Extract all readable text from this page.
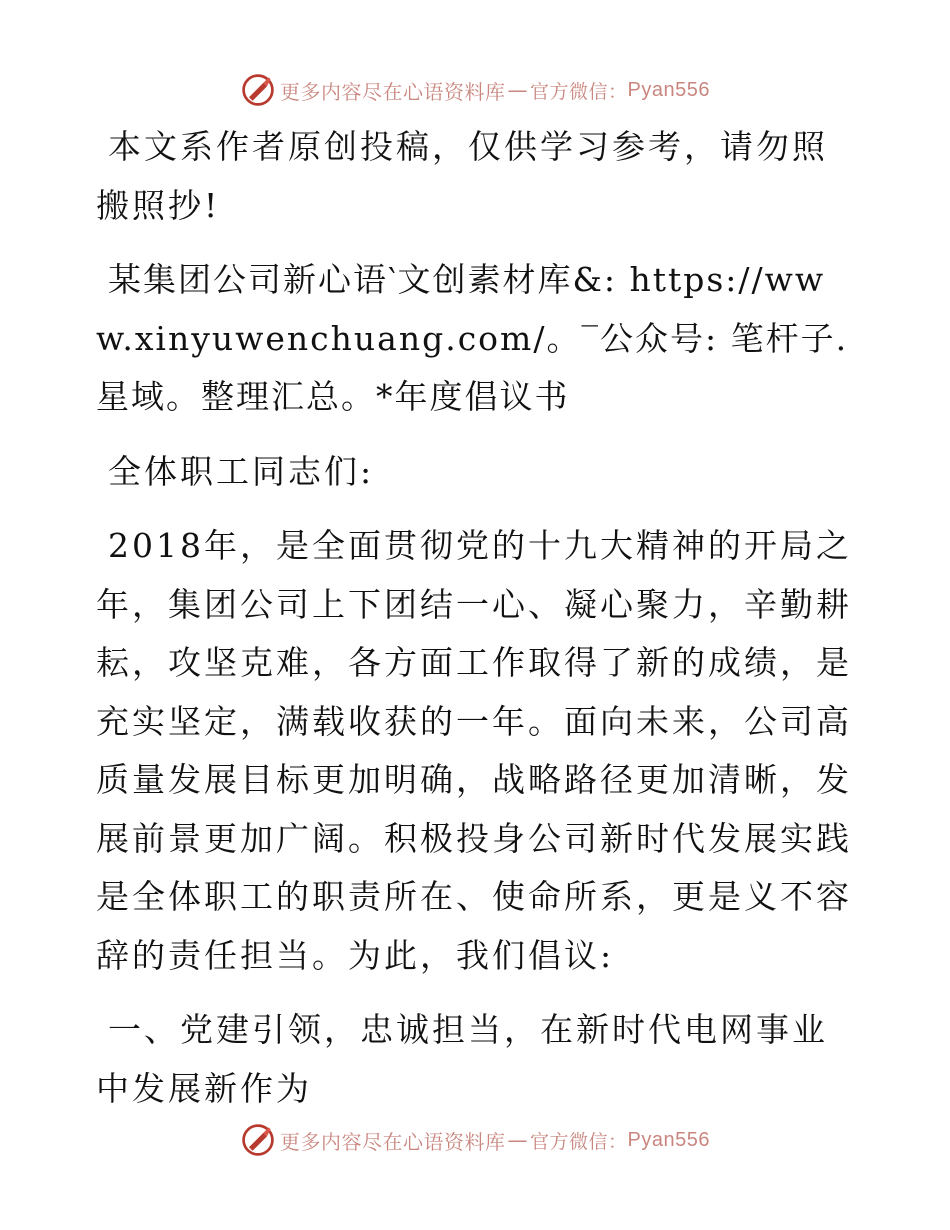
更多内容尽在心语资料库 — 官方微信： Pyan556

本文系作者原创投稿，仅供学习参考，请勿照搬照抄!

某集团公司新心语‵文创素材库&: https://www.xinyuwenchuang.com/。‾公众号: 笔杆子.星域。整理汇总。*年度倡议书

全体职工同志们:

2018年，是全面贯彻党的十九大精神的开局之年，集团公司上下团结一心、凝心聚力，辛勤耕耘，攻坚克难，各方面工作取得了新的成绩，是充实坚定，满载收获的一年。面向未来，公司高质量发展目标更加明确，战略路径更加清晰，发展前景更加广阔。积极投身公司新时代发展实践是全体职工的职责所在、使命所系，更是义不容辞的责任担当。为此，我们倡议:

一、党建引领，忠诚担当，在新时代电网事业中发展新作为

更多内容尽在心语资料库 — 官方微信： Pyan556
